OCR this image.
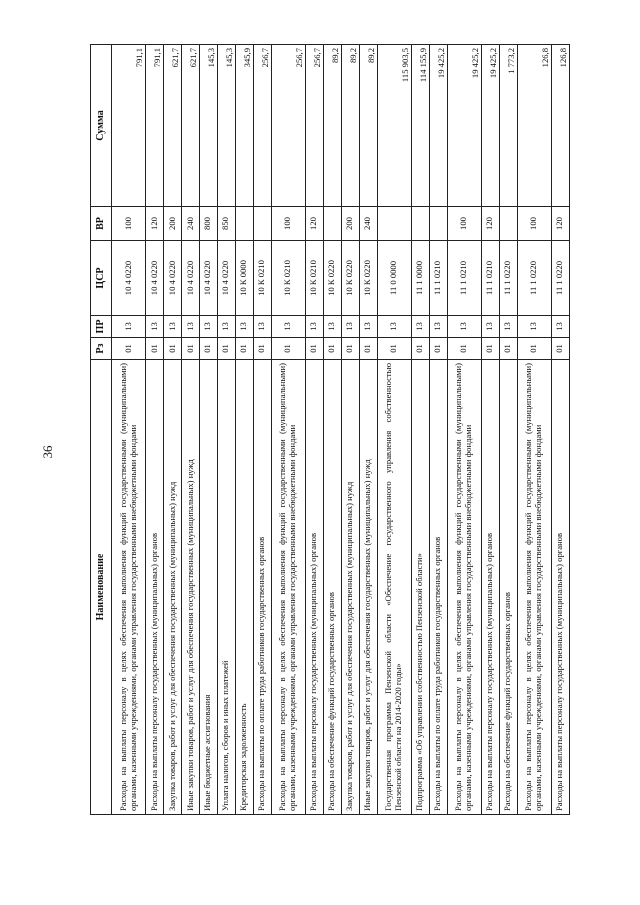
36
Наименование	Рз	ПР	ЦСР	ВР	Сумма
Расходы на выплаты персоналу в целях обеспечения выполнения функций государственными (муниципальными) органами, казенными учреждениями, органами управления государственными внебюджетными фондами	01	13	10 4 0220	100	791,1
Расходы на выплаты персоналу государственных (муниципальных) органов	01	13	10 4 0220	120	791,1
Закупка товаров, работ и услуг для обеспечения государственных (муниципальных) нужд	01	13	10 4 0220	200	621,7
Иные закупки товаров, работ и услуг для обеспечения государственных (муниципальных) нужд	01	13	10 4 0220	240	621,7
Иные бюджетные ассигнования	01	13	10 4 0220	800	145,3
Уплата налогов, сборов и иных платежей	01	13	10 4 0220	850	145,3
Кредиторская задолженность	01	13	10 К 0000		345,9
Расходы на выплаты по оплате труда работников государственных органов	01	13	10 К 0210		256,7
Расходы на выплаты персоналу в целях обеспечения выполнения функций государственными (муниципальными) органами, казенными учреждениями, органами управления государственными внебюджетными фондами	01	13	10 К 0210	100	256,7
Расходы на выплаты персоналу государственных (муниципальных) органов	01	13	10 К 0210	120	256,7
Расходы на обеспечение функций государственных органов	01	13	10 К 0220		89,2
Закупка товаров, работ и услуг для обеспечения государственных (муниципальных) нужд	01	13	10 К 0220	200	89,2
Иные закупки товаров, работ и услуг для обеспечения государственных (муниципальных) нужд	01	13	10 К 0220	240	89,2
Государственная программа Пензенской области «Обеспечение государственного управления собственностью Пензенской области на 2014-2020 годы»	01	13	11 0 0000		115 903,5
Подпрограмма «Об управлении собственностью Пензенской области»	01	13	11 1 0000		114 155,9
Расходы на выплаты по оплате труда работников государственных органов	01	13	11 1 0210		19 425,2
Расходы на выплаты персоналу в целях обеспечения выполнения функций государственными (муниципальными) органами, казенными учреждениями, органами управления государственными внебюджетными фондами	01	13	11 1 0210	100	19 425,2
Расходы на выплаты персоналу государственных (муниципальных) органов	01	13	11 1 0210	120	19 425,2
Расходы на обеспечение функций государственных органов	01	13	11 1 0220		1 773,2
Расходы на выплаты персоналу в целях обеспечения выполнения функций государственными (муниципальными) органами, казенными учреждениями, органами управления государственными внебюджетными фондами	01	13	11 1 0220	100	126,8
Расходы на выплаты персоналу государственных (муниципальных) органов	01	13	11 1 0220	120	126,8
